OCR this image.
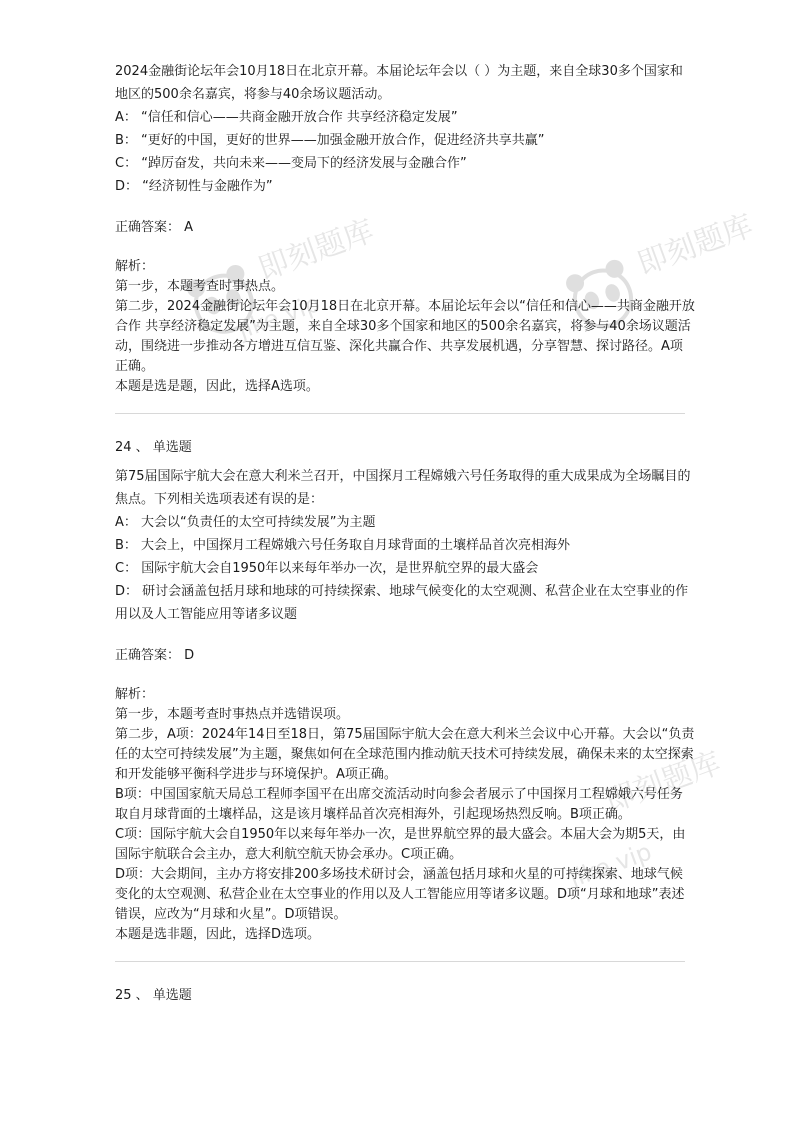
即刻题库
jike.vip
即刻题库
即刻题库
jike.vip

2024金融街论坛年会10月18日在北京开幕。本届论坛年会以（ ）为主题，来自全球30多个国家和地区的500余名嘉宾，将参与40余场议题活动。

A： “信任和信心——共商金融开放合作 共享经济稳定发展”

B： “更好的中国，更好的世界——加强金融开放合作，促进经济共享共赢”

C： “踔厉奋发，共向未来——变局下的经济发展与金融合作”

D： “经济韧性与金融作为”

正确答案： A

解析：

第一步，本题考查时事热点。

第二步，2024金融街论坛年会10月18日在北京开幕。本届论坛年会以“信任和信心——共商金融开放合作 共享经济稳定发展”为主题，来自全球30多个国家和地区的500余名嘉宾，将参与40余场议题活动，围绕进一步推动各方增进互信互鉴、深化共赢合作、共享发展机遇，分享智慧、探讨路径。A项正确。

本题是选是题，因此，选择A选项。

24 、 单选题

第75届国际宇航大会在意大利米兰召开，中国探月工程嫦娥六号任务取得的重大成果成为全场瞩目的焦点。下列相关选项表述有误的是：

A： 大会以“负责任的太空可持续发展”为主题

B： 大会上，中国探月工程嫦娥六号任务取自月球背面的土壤样品首次亮相海外

C： 国际宇航大会自1950年以来每年举办一次，是世界航空界的最大盛会

D： 研讨会涵盖包括月球和地球的可持续探索、地球气候变化的太空观测、私营企业在太空事业的作用以及人工智能应用等诸多议题

正确答案： D

解析：

第一步，本题考查时事热点并选错误项。

第二步，A项：2024年14日至18日，第75届国际宇航大会在意大利米兰会议中心开幕。大会以“负责任的太空可持续发展”为主题，聚焦如何在全球范围内推动航天技术可持续发展，确保未来的太空探索和开发能够平衡科学进步与环境保护。A项正确。

B项：中国国家航天局总工程师李国平在出席交流活动时向参会者展示了中国探月工程嫦娥六号任务取自月球背面的土壤样品，这是该月壤样品首次亮相海外，引起现场热烈反响。B项正确。

C项：国际宇航大会自1950年以来每年举办一次，是世界航空界的最大盛会。本届大会为期5天，由国际宇航联合会主办，意大利航空航天协会承办。C项正确。

D项：大会期间，主办方将安排200多场技术研讨会，涵盖包括月球和火星的可持续探索、地球气候变化的太空观测、私营企业在太空事业的作用以及人工智能应用等诸多议题。D项“月球和地球”表述错误，应改为“月球和火星”。D项错误。

本题是选非题，因此，选择D选项。

25 、 单选题
